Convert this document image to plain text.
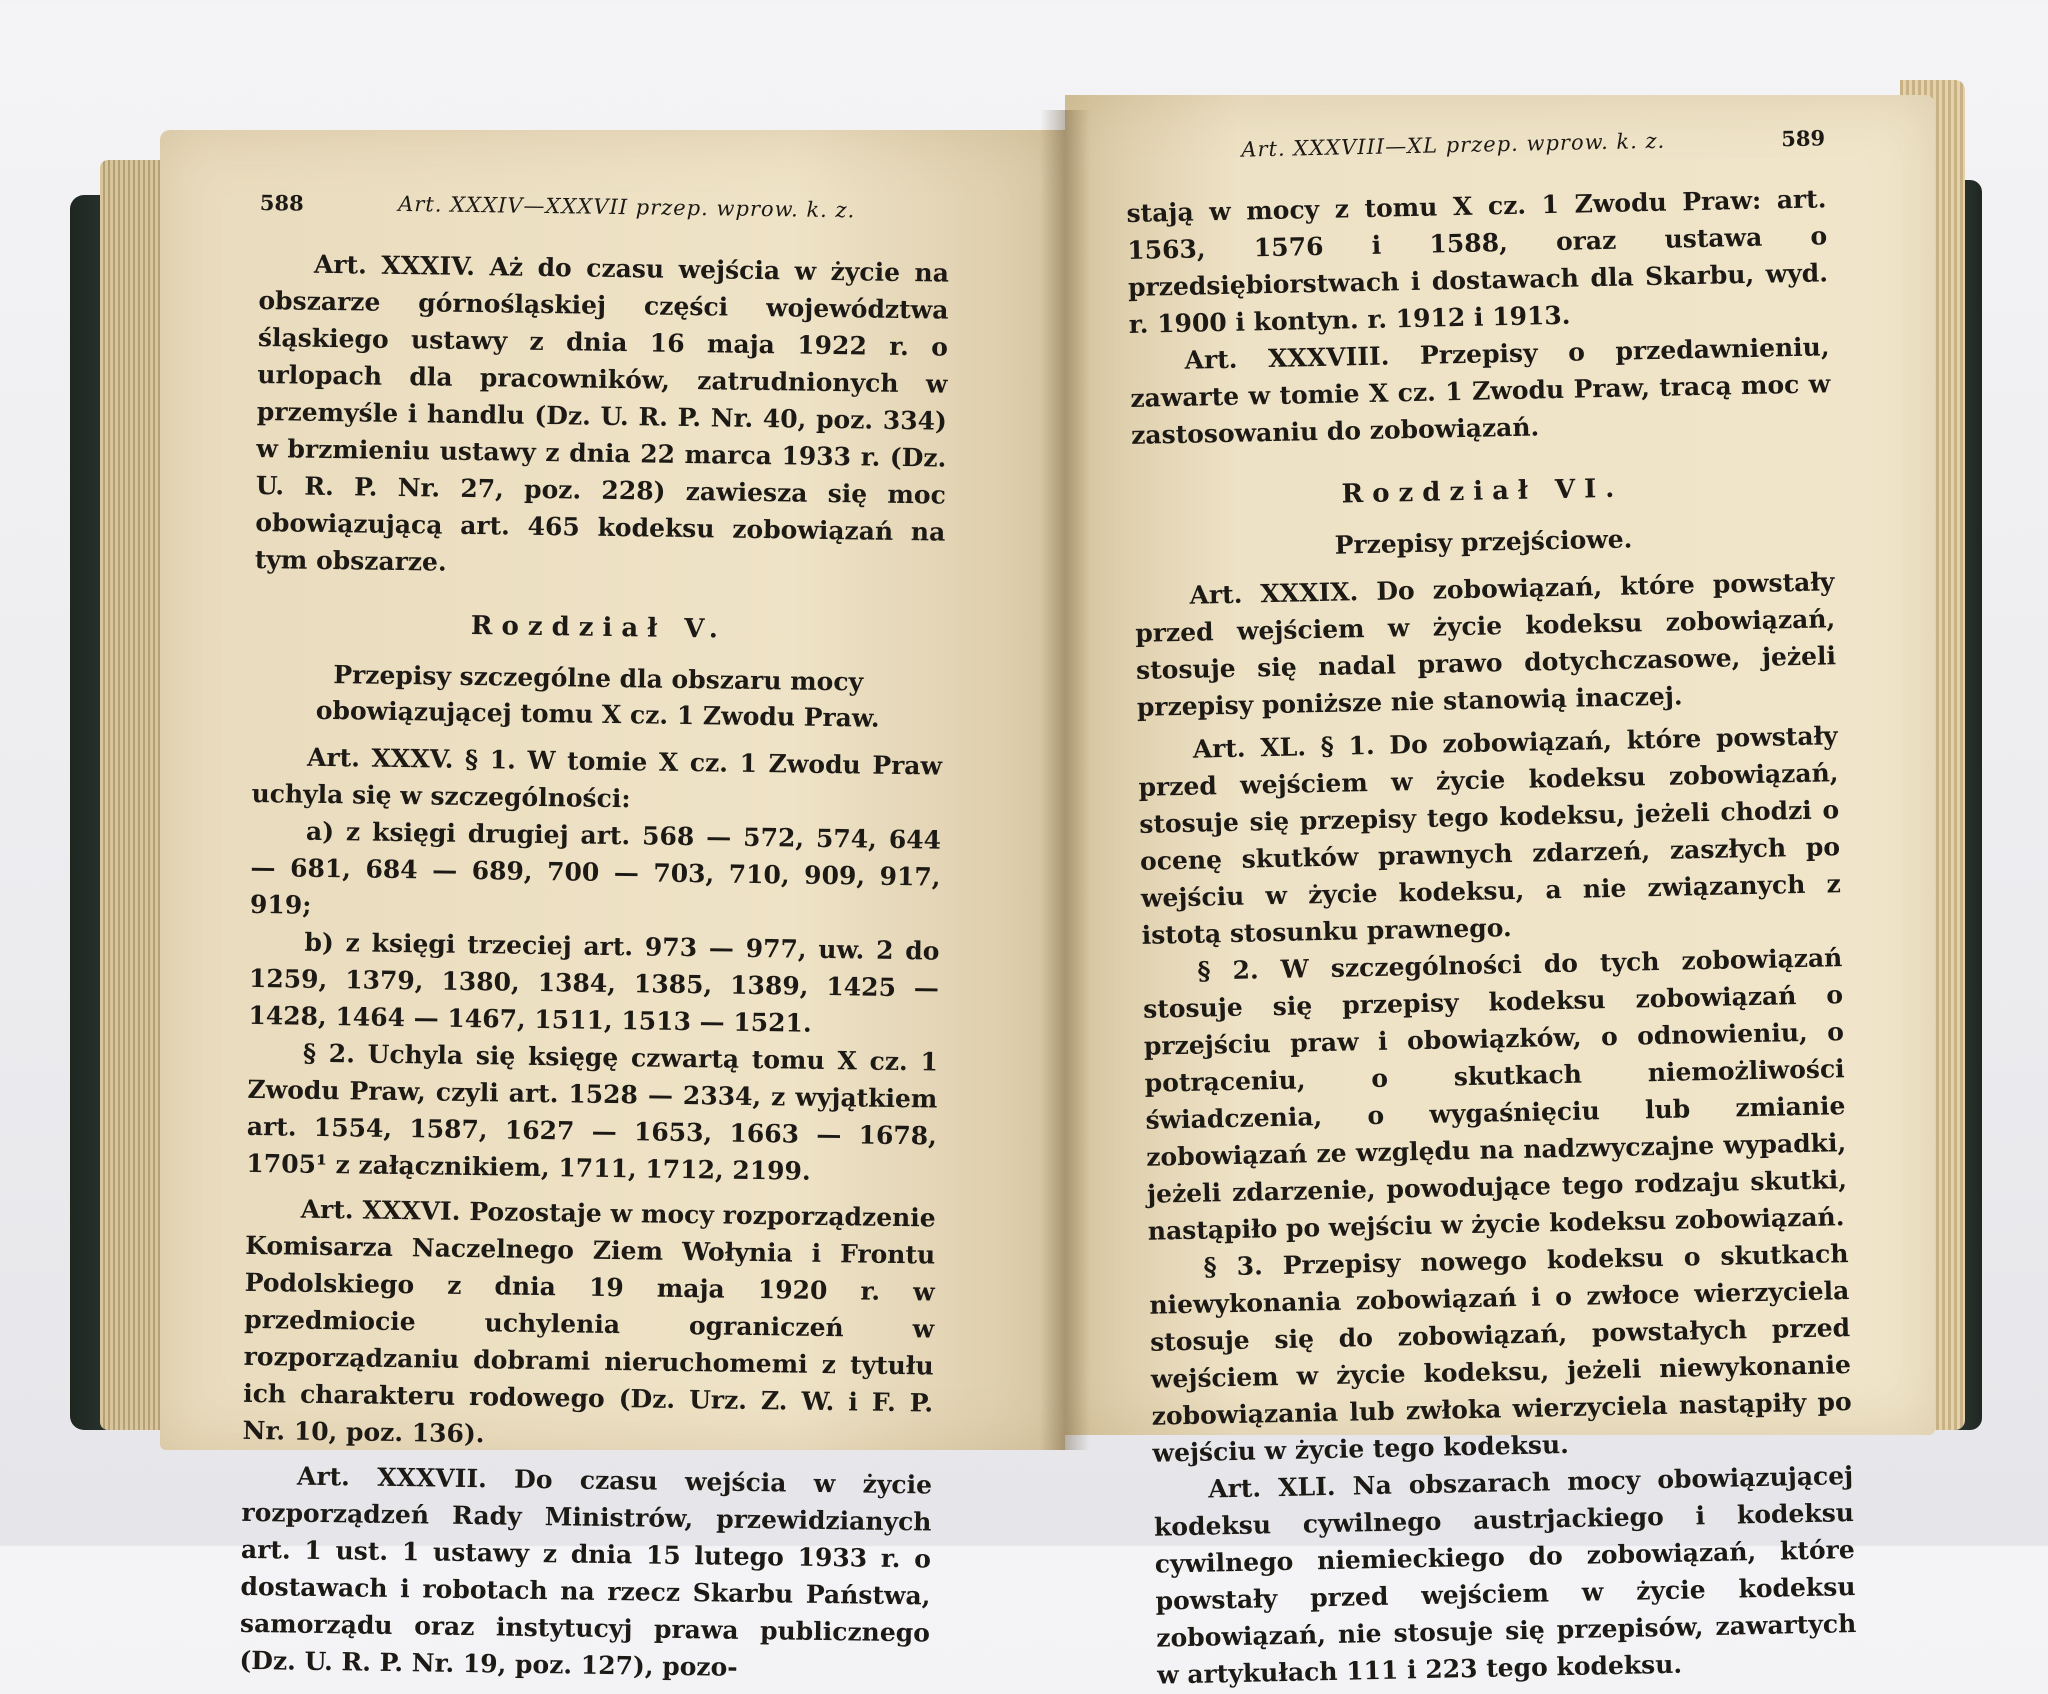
588	Art. XXXIV—XXXVII przep. wprow. k. z.

Art. XXXIV. Aż do czasu wejścia w życie na obszarze górnośląskiej części województwa śląskiego ustawy z dnia 16 maja 1922 r. o urlopach dla pracowników, zatrudnionych w przemyśle i handlu (Dz. U. R. P. Nr. 40, poz. 334) w brzmieniu ustawy z dnia 22 marca 1933 r. (Dz. U. R. P. Nr. 27, poz. 228) zawiesza się moc obowiązującą art. 465 kodeksu zobowiązań na tym obszarze.

Rozdział V.
Przepisy szczególne dla obszaru mocy obowiązującej tomu X cz. 1 Zwodu Praw.

Art. XXXV. § 1. W tomie X cz. 1 Zwodu Praw uchyla się w szczególności:

a) z księgi drugiej art. 568 — 572, 574, 644 — 681, 684 — 689, 700 — 703, 710, 909, 917, 919;

b) z księgi trzeciej art. 973 — 977, uw. 2 do 1259, 1379, 1380, 1384, 1385, 1389, 1425 — 1428, 1464 — 1467, 1511, 1513 — 1521.

§ 2. Uchyla się księgę czwartą tomu X cz. 1 Zwodu Praw, czyli art. 1528 — 2334, z wyjątkiem art. 1554, 1587, 1627 — 1653, 1663 — 1678, 1705¹ z załącznikiem, 1711, 1712, 2199.

Art. XXXVI. Pozostaje w mocy rozporządzenie Komisarza Naczelnego Ziem Wołynia i Frontu Podolskiego z dnia 19 maja 1920 r. w przedmiocie uchylenia ograniczeń w rozporządzaniu dobrami nieruchomemi z tytułu ich charakteru rodowego (Dz. Urz. Z. W. i F. P. Nr. 10, poz. 136).

Art. XXXVII. Do czasu wejścia w życie rozporządzeń Rady Ministrów, przewidzianych art. 1 ust. 1 ustawy z dnia 15 lutego 1933 r. o dostawach i robotach na rzecz Skarbu Państwa, samorządu oraz instytucyj prawa publicznego (Dz. U. R. P. Nr. 19, poz. 127), pozo-

Art. XXXVIII—XL przep. wprow. k. z.	589

stają w mocy z tomu X cz. 1 Zwodu Praw: art. 1563, 1576 i 1588, oraz ustawa o przedsiębiorstwach i dostawach dla Skarbu, wyd. r. 1900 i kontyn. r. 1912 i 1913.

Art. XXXVIII. Przepisy o przedawnieniu, zawarte w tomie X cz. 1 Zwodu Praw, tracą moc w zastosowaniu do zobowiązań.

Rozdział VI.
Przepisy przejściowe.

Art. XXXIX. Do zobowiązań, które powstały przed wejściem w życie kodeksu zobowiązań, stosuje się nadal prawo dotychczasowe, jeżeli przepisy poniższe nie stanowią inaczej.

Art. XL. § 1. Do zobowiązań, które powstały przed wejściem w życie kodeksu zobowiązań, stosuje się przepisy tego kodeksu, jeżeli chodzi o ocenę skutków prawnych zdarzeń, zaszłych po wejściu w życie kodeksu, a nie związanych z istotą stosunku prawnego.

§ 2. W szczególności do tych zobowiązań stosuje się przepisy kodeksu zobowiązań o przejściu praw i obowiązków, o odnowieniu, o potrąceniu, o skutkach niemożliwości świadczenia, o wygaśnięciu lub zmianie zobowiązań ze względu na nadzwyczajne wypadki, jeżeli zdarzenie, powodujące tego rodzaju skutki, nastąpiło po wejściu w życie kodeksu zobowiązań.

§ 3. Przepisy nowego kodeksu o skutkach niewykonania zobowiązań i o zwłoce wierzyciela stosuje się do zobowiązań, powstałych przed wejściem w życie kodeksu, jeżeli niewykonanie zobowiązania lub zwłoka wierzyciela nastąpiły po wejściu w życie tego kodeksu.

Art. XLI. Na obszarach mocy obowiązującej kodeksu cywilnego austrjackiego i kodeksu cywilnego niemieckiego do zobowiązań, które powstały przed wejściem w życie kodeksu zobowiązań, nie stosuje się przepisów, zawartych w artykułach 111 i 223 tego kodeksu.
